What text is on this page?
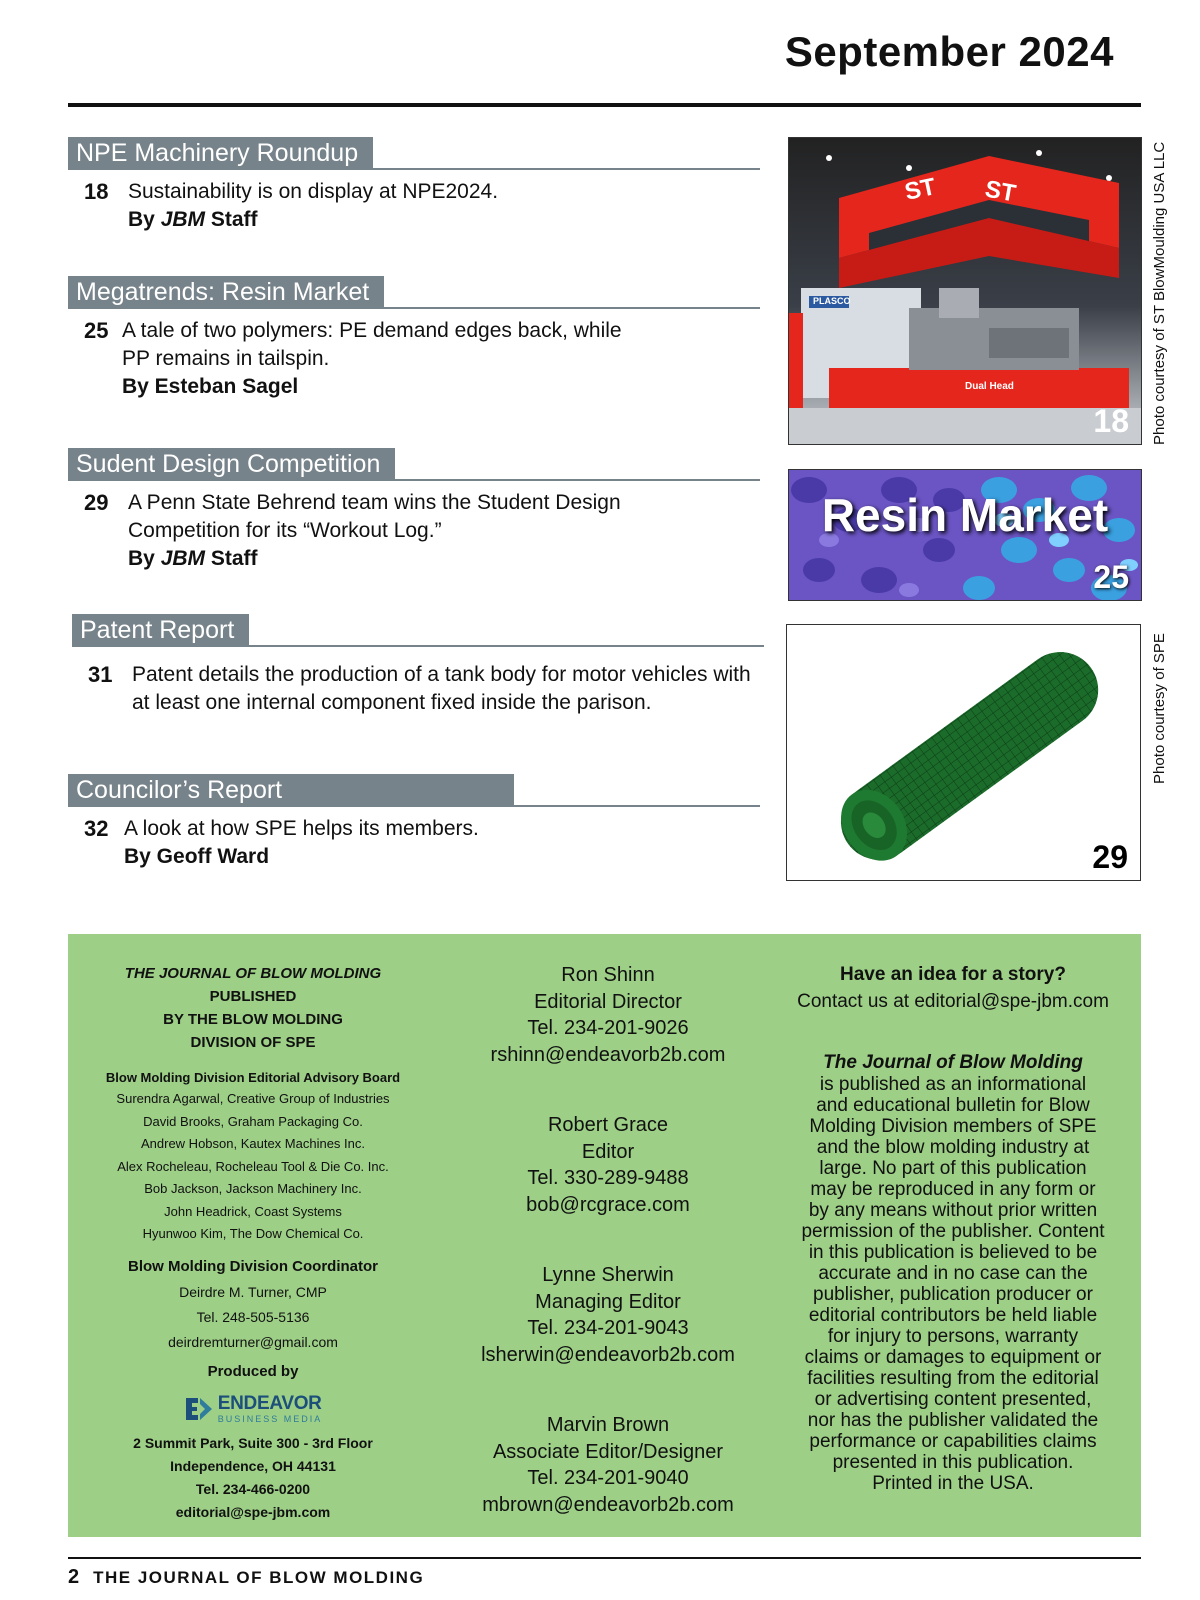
September 2024
NPE Machinery Roundup
18 Sustainability is on display at NPE2024.
By JBM Staff
Megatrends: Resin Market
25 A tale of two polymers: PE demand edges back, while
PP remains in tailspin.
By Esteban Sagel
Sudent Design Competition
29 A Penn State Behrend team wins the Student Design
Competition for its “Workout Log.”
By JBM Staff
Patent Report
31 Patent details the production of a tank body for motor vehicles with
at least one internal component fixed inside the parison.
Councilor’s Report
32 A look at how SPE helps its members.
By Geoff Ward
ST ST
PLASCO
Dual Head
18 Photo courtesy of ST BlowMoulding USA LLC
Resin Market
25
29
Photo courtesy of SPE
THE JOURNAL OF BLOW MOLDING
PUBLISHED
BY THE BLOW MOLDING
DIVISION OF SPE
Blow Molding Division Editorial Advisory Board
Surendra Agarwal, Creative Group of Industries
David Brooks, Graham Packaging Co.
Andrew Hobson, Kautex Machines Inc.
Alex Rocheleau, Rocheleau Tool & Die Co. Inc.
Bob Jackson, Jackson Machinery Inc.
John Headrick, Coast Systems
Hyunwoo Kim, The Dow Chemical Co.
Blow Molding Division Coordinator
Deirdre M. Turner, CMP
Tel. 248-505-5136
deirdremturner@gmail.com
Produced by
ENDEAVOR
BUSINESS MEDIA
2 Summit Park, Suite 300 - 3rd Floor
Independence, OH 44131
Tel. 234-466-0200
editorial@spe-jbm.com
Ron Shinn
Editorial Director
Tel. 234-201-9026
rshinn@endeavorb2b.com
Robert Grace
Editor
Tel. 330-289-9488
bob@rcgrace.com
Lynne Sherwin
Managing Editor
Tel. 234-201-9043
lsherwin@endeavorb2b.com
Marvin Brown
Associate Editor/Designer
Tel. 234-201-9040
mbrown@endeavorb2b.com
Have an idea for a story?
Contact us at editorial@spe-jbm.com
The Journal of Blow Molding
is published as an informational
and educational bulletin for Blow
Molding Division members of SPE
and the blow molding industry at
large. No part of this publication
may be reproduced in any form or
by any means without prior written
permission of the publisher. Content
in this publication is believed to be
accurate and in no case can the
publisher, publication producer or
editorial contributors be held liable
for injury to persons, warranty
claims or damages to equipment or
facilities resulting from the editorial
or advertising content presented,
nor has the publisher validated the
performance or capabilities claims
presented in this publication.
Printed in the USA.
2 THE JOURNAL OF BLOW MOLDING
